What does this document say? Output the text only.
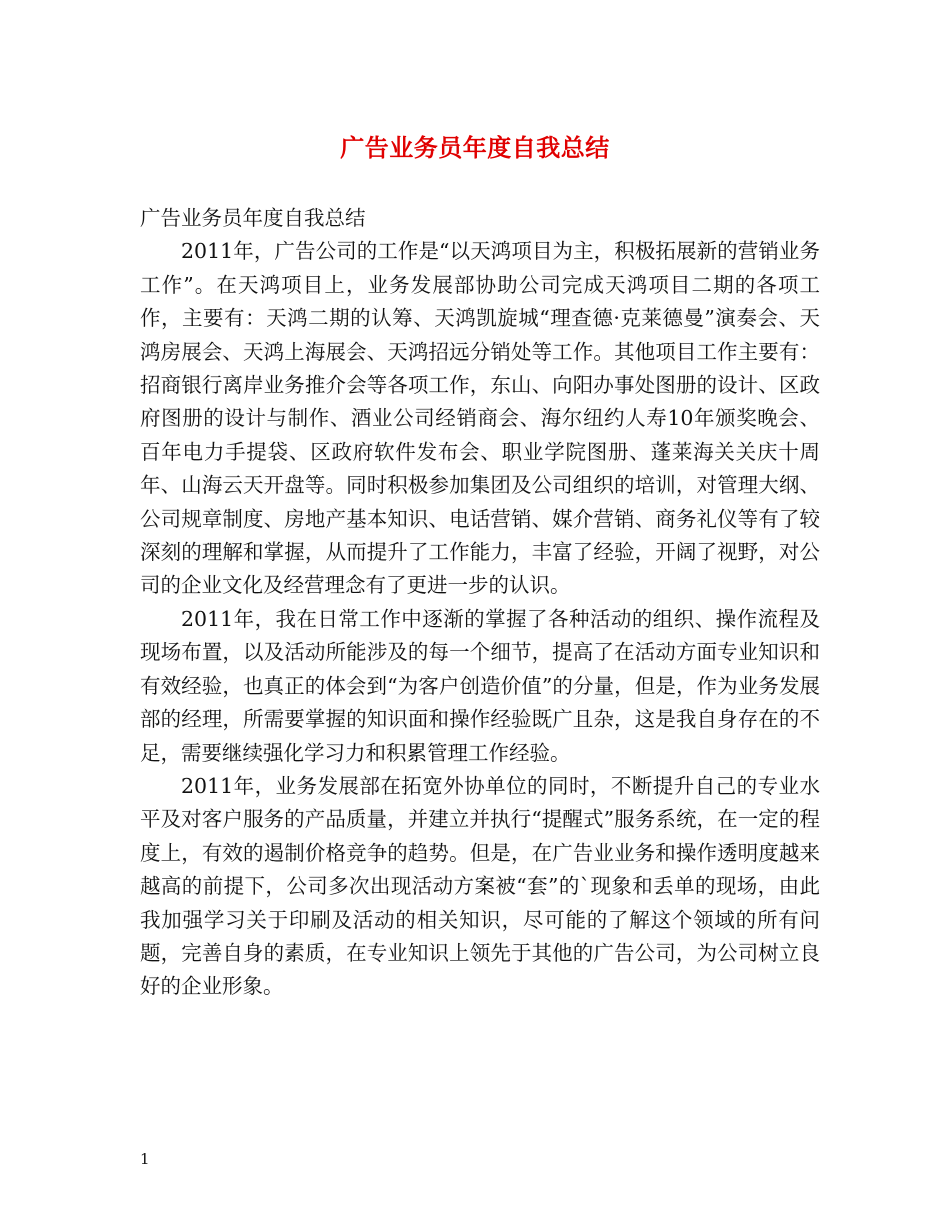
广告业务员年度自我总结

广告业务员年度自我总结

2011年，广告公司的工作是“以天鸿项目为主，积极拓展新的营销业务工作”。在天鸿项目上，业务发展部协助公司完成天鸿项目二期的各项工作，主要有：天鸿二期的认筹、天鸿凯旋城“理查德·克莱德曼”演奏会、天鸿房展会、天鸿上海展会、天鸿招远分销处等工作。其他项目工作主要有：招商银行离岸业务推介会等各项工作，东山、向阳办事处图册的设计、区政府图册的设计与制作、酒业公司经销商会、海尔纽约人寿10年颁奖晚会、百年电力手提袋、区政府软件发布会、职业学院图册、蓬莱海关关庆十周年、山海云天开盘等。同时积极参加集团及公司组织的培训，对管理大纲、公司规章制度、房地产基本知识、电话营销、媒介营销、商务礼仪等有了较深刻的理解和掌握，从而提升了工作能力，丰富了经验，开阔了视野，对公司的企业文化及经营理念有了更进一步的认识。

2011年，我在日常工作中逐渐的掌握了各种活动的组织、操作流程及现场布置，以及活动所能涉及的每一个细节，提高了在活动方面专业知识和有效经验，也真正的体会到“为客户创造价值”的分量，但是，作为业务发展部的经理，所需要掌握的知识面和操作经验既广且杂，这是我自身存在的不足，需要继续强化学习力和积累管理工作经验。

2011年，业务发展部在拓宽外协单位的同时，不断提升自己的专业水平及对客户服务的产品质量，并建立并执行“提醒式”服务系统，在一定的程度上，有效的遏制价格竞争的趋势。但是，在广告业业务和操作透明度越来越高的前提下，公司多次出现活动方案被“套”的`现象和丢单的现场，由此我加强学习关于印刷及活动的相关知识，尽可能的了解这个领域的所有问题，完善自身的素质，在专业知识上领先于其他的广告公司，为公司树立良好的企业形象。

1
